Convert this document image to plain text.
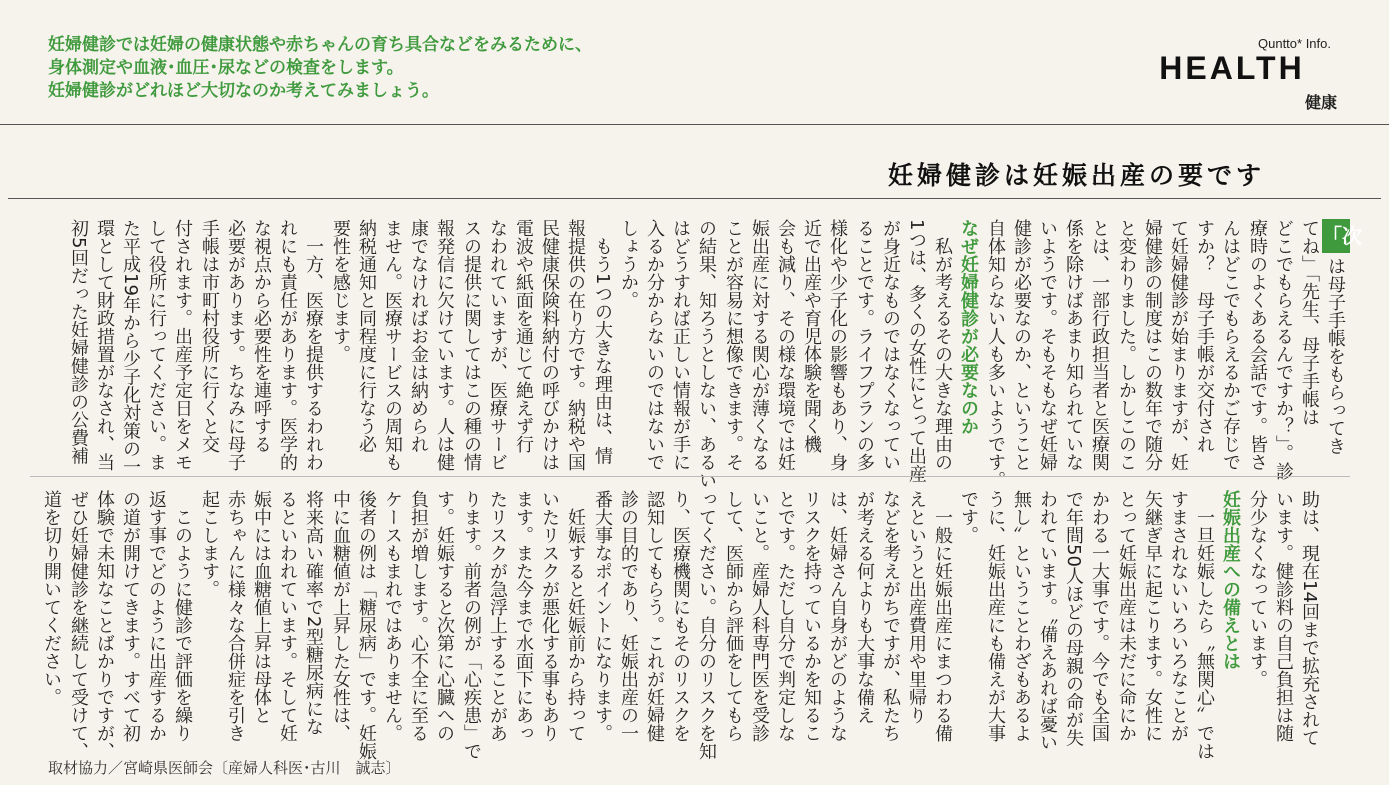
妊婦健診では妊婦の健康状態や赤ちゃんの育ち具合などをみるために、
身体測定や血液･血圧･尿などの検査をします。
妊婦健診がどれほど大切なのか考えてみましょう。
Quntto* Info.
HEALTH
健康
妊婦健診は妊娠出産の要です
は母子手帳をもらってき
てね」「先生、母子手帳は
どこでもらえるんですか？」。診
療時のよくある会話です。皆さ
んはどこでもらえるかご存じで
すか？　母子手帳が交付され
て妊婦健診が始まりますが、妊
婦健診の制度はこの数年で随分
と変わりました。しかしこのこ
とは、一部行政担当者と医療関
係を除けばあまり知られていな
いようです。そもそもなぜ妊婦
健診が必要なのか、ということ
自体知らない人も多いようです。
なぜ妊婦健診が必要なのか
　私が考えるその大きな理由の
1つは、多くの女性にとって出産
が身近なものではなくなってい
ることです。ライフプランの多
様化や少子化の影響もあり、身
近で出産や育児体験を聞く機
会も減り、その様な環境では妊
娠出産に対する関心が薄くなる
ことが容易に想像できます。そ
の結果、知ろうとしない、あるい
はどうすれば正しい情報が手に
入るか分からないのではないで
しょうか。
　もう1つの大きな理由は、情
報提供の在り方です。納税や国
民健康保険料納付の呼びかけは
電波や紙面を通じて絶えず行
なわれていますが、医療サービ
スの提供に関してはこの種の情
報発信に欠けています。人は健
康でなければお金は納められ
ません。医療サービスの周知も
納税通知と同程度に行なう必
要性を感じます。
　一方、医療を提供するわれわ
れにも責任があります。医学的
な視点から必要性を連呼する
必要があります。ちなみに母子
手帳は市町村役所に行くと交
付されます。出産予定日をメモ
して役所に行ってください。ま
た平成19年から少子化対策の一
環として財政措置がなされ、当
初5回だった妊婦健診の公費補	「次
助は、現在14回まで拡充されて
います。健診料の自己負担は随
分少なくなっています。
妊娠出産への備えとは
　一旦妊娠したら〝無関心〟では
すまされないいろいろなことが
矢継ぎ早に起こります。女性に
とって妊娠出産は未だに命にか
かわる一大事です。今でも全国
で年間50人ほどの母親の命が失
われています。〝備えあれば憂い
無し〟ということわざもあるよ
うに、妊娠出産にも備えが大事
です。
　一般に妊娠出産にまつわる備
えというと出産費用や里帰り
などを考えがちですが、私たち
が考える何よりも大事な備え
は、妊婦さん自身がどのような
リスクを持っているかを知るこ
とです。ただし自分で判定しな
いこと。産婦人科専門医を受診
して、医師から評価をしてもら
ってください。自分のリスクを知
り、医療機関にもそのリスクを
認知してもらう。これが妊婦健
診の目的であり、妊娠出産の一
番大事なポイントになります。
　妊娠すると妊娠前から持って
いたリスクが悪化する事もあり
ます。また今まで水面下にあっ
たリスクが急浮上することがあ
ります。前者の例が「心疾患」で
す。妊娠すると次第に心臓への
負担が増します。心不全に至る
ケースもまれではありません。
後者の例は「糖尿病」です。妊娠
中に血糖値が上昇した女性は、
将来高い確率で2型糖尿病にな
るといわれています。そして妊
娠中には血糖値上昇は母体と
赤ちゃんに様々な合併症を引き
起こします。
　このように健診で評価を繰り
返す事でどのように出産するか
の道が開けてきます。すべて初
体験で未知なことばかりですが、
ぜひ妊婦健診を継続して受けて、
道を切り開いてください。
取材協力／宮崎県医師会〔産婦人科医･古川　誠志〕
